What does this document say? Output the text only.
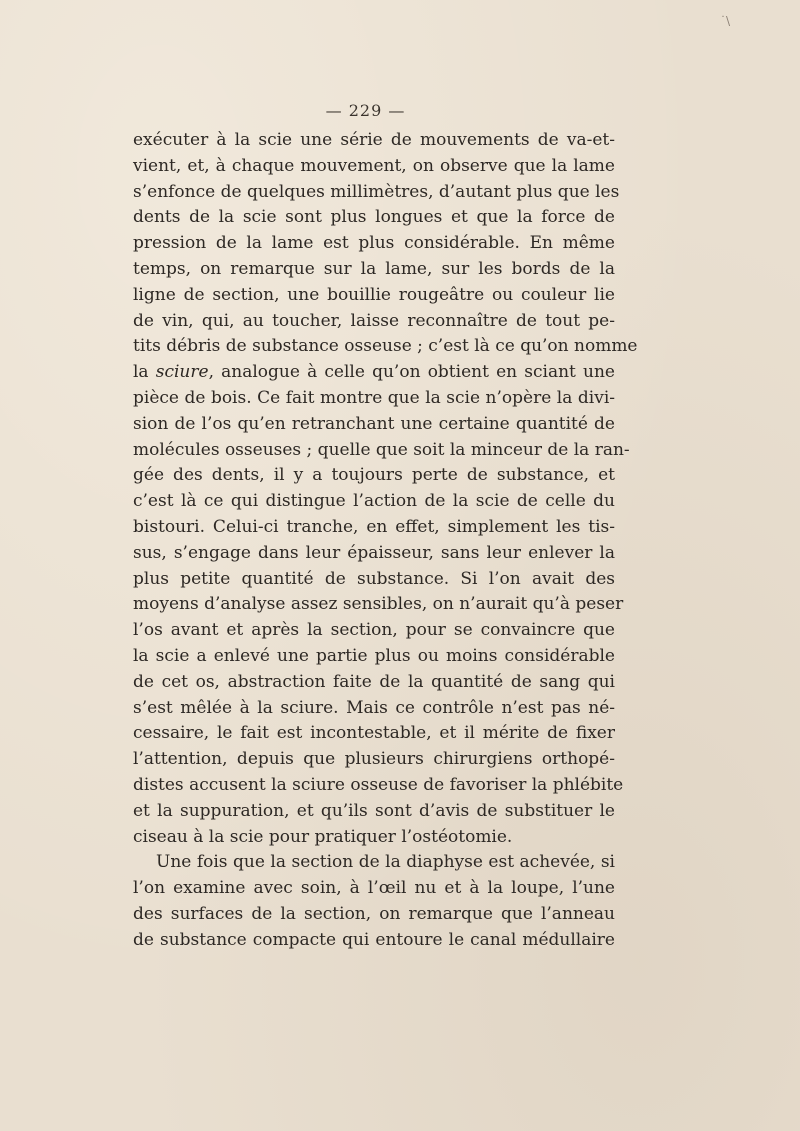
˙\
— 229 —
exécuter à la scie une série de mouvements de va-et-
vient, et, à chaque mouvement, on observe que la lame
s’enfonce de quelques millimètres, d’autant plus que les
dents de la scie sont plus longues et que la force de
pression de la lame est plus considérable. En même
temps, on remarque sur la lame, sur les bords de la
ligne de section, une bouillie rougeâtre ou couleur lie
de vin, qui, au toucher, laisse reconnaître de tout pe-
tits débris de substance osseuse ; c’est là ce qu’on nomme
la sciure, analogue à celle qu’on obtient en sciant une
pièce de bois. Ce fait montre que la scie n’opère la divi-
sion de l’os qu’en retranchant une certaine quantité de
molécules osseuses ; quelle que soit la minceur de la ran-
gée des dents, il y a toujours perte de substance, et
c’est là ce qui distingue l’action de la scie de celle du
bistouri. Celui-ci tranche, en effet, simplement les tis-
sus, s’engage dans leur épaisseur, sans leur enlever la
plus petite quantité de substance. Si l’on avait des
moyens d’analyse assez sensibles, on n’aurait qu’à peser
l’os avant et après la section, pour se convaincre que
la scie a enlevé une partie plus ou moins considérable
de cet os, abstraction faite de la quantité de sang qui
s’est mêlée à la sciure. Mais ce contrôle n’est pas né-
cessaire, le fait est incontestable, et il mérite de fixer
l’attention, depuis que plusieurs chirurgiens orthopé-
distes accusent la sciure osseuse de favoriser la phlébite
et la suppuration, et qu’ils sont d’avis de substituer le
ciseau à la scie pour pratiquer l’ostéotomie.
Une fois que la section de la diaphyse est achevée, si
l’on examine avec soin, à l’œil nu et à la loupe, l’une
des surfaces de la section, on remarque que l’anneau
de substance compacte qui entoure le canal médullaire
